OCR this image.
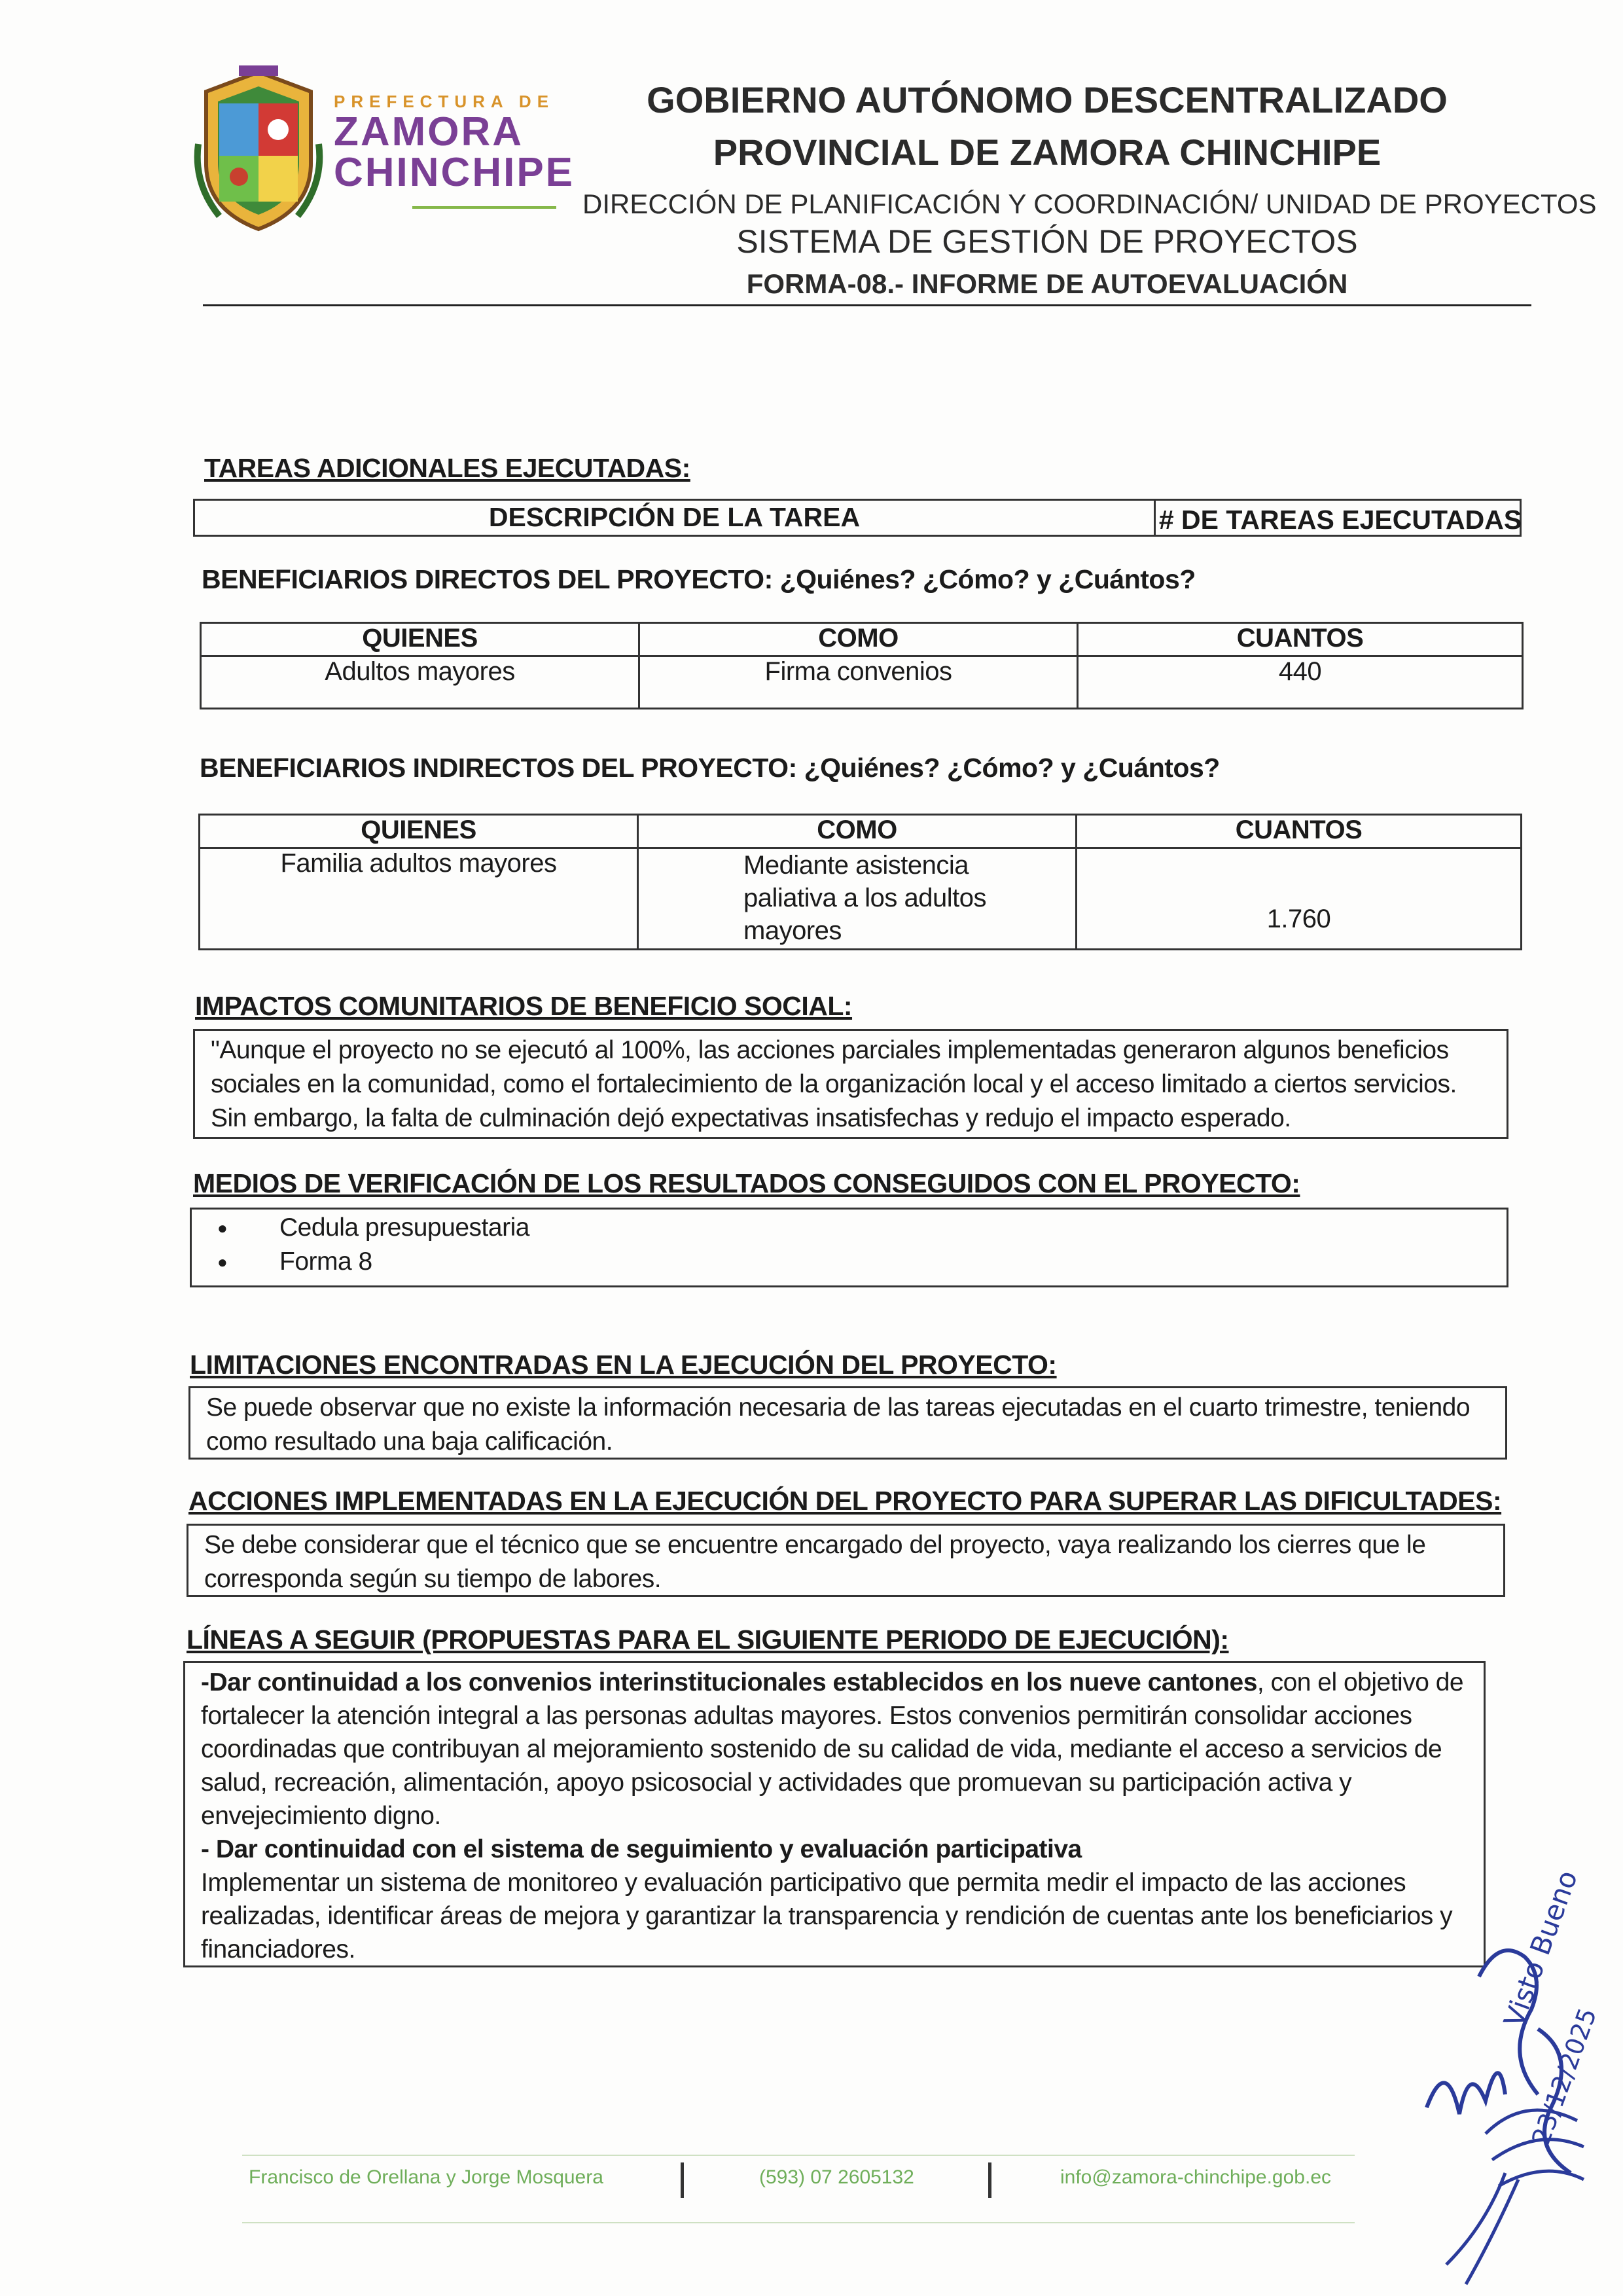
PREFECTURA DE
ZAMORA
CHINCHIPE
GOBIERNO AUTÓNOMO DESCENTRALIZADO
PROVINCIAL DE ZAMORA CHINCHIPE
DIRECCIÓN DE PLANIFICACIÓN Y COORDINACIÓN/ UNIDAD DE PROYECTOS
SISTEMA DE GESTIÓN DE PROYECTOS
FORMA-08.- INFORME DE AUTOEVALUACIÓN
TAREAS ADICIONALES EJECUTADAS:
DESCRIPCIÓN DE LA TAREA	# DE TAREAS EJECUTADAS
BENEFICIARIOS DIRECTOS DEL PROYECTO: ¿Quiénes? ¿Cómo? y ¿Cuántos?
QUIENES	COMO	CUANTOS
Adultos mayores	Firma convenios	440
BENEFICIARIOS INDIRECTOS DEL PROYECTO: ¿Quiénes? ¿Cómo? y ¿Cuántos?
QUIENES	COMO	CUANTOS
Familia adultos mayores	Mediante asistencia paliativa a los adultos mayores	1.760
IMPACTOS COMUNITARIOS DE BENEFICIO SOCIAL:
"Aunque el proyecto no se ejecutó al 100%, las acciones parciales implementadas generaron algunos beneficios sociales en la comunidad, como el fortalecimiento de la organización local y el acceso limitado a ciertos servicios. Sin embargo, la falta de culminación dejó expectativas insatisfechas y redujo el impacto esperado.
MEDIOS DE VERIFICACIÓN DE LOS RESULTADOS CONSEGUIDOS CON EL PROYECTO:
● Cedula presupuestaria
● Forma 8
LIMITACIONES ENCONTRADAS EN LA EJECUCIÓN DEL PROYECTO:
Se puede observar que no existe la información necesaria de las tareas ejecutadas en el cuarto trimestre, teniendo como resultado una baja calificación.
ACCIONES IMPLEMENTADAS EN LA EJECUCIÓN DEL PROYECTO PARA SUPERAR LAS DIFICULTADES:
Se debe considerar que el técnico que se encuentre encargado del proyecto, vaya realizando los cierres que le corresponda según su tiempo de labores.
LÍNEAS A SEGUIR (PROPUESTAS PARA EL SIGUIENTE PERIODO DE EJECUCIÓN):
-Dar continuidad a los convenios interinstitucionales establecidos en los nueve cantones, con el objetivo de fortalecer la atención integral a las personas adultas mayores. Estos convenios permitirán consolidar acciones coordinadas que contribuyan al mejoramiento sostenido de su calidad de vida, mediante el acceso a servicios de salud, recreación, alimentación, apoyo psicosocial y actividades que promuevan su participación activa y envejecimiento digno.
- Dar continuidad con el sistema de seguimiento y evaluación participativa
Implementar un sistema de monitoreo y evaluación participativo que permita medir el impacto de las acciones realizadas, identificar áreas de mejora y garantizar la transparencia y rendición de cuentas ante los beneficiarios y financiadores.	Visto Bueno
23/12/2025
Francisco de Orellana y Jorge Mosquera	(593) 07 2605132	info@zamora-chinchipe.gob.ec
